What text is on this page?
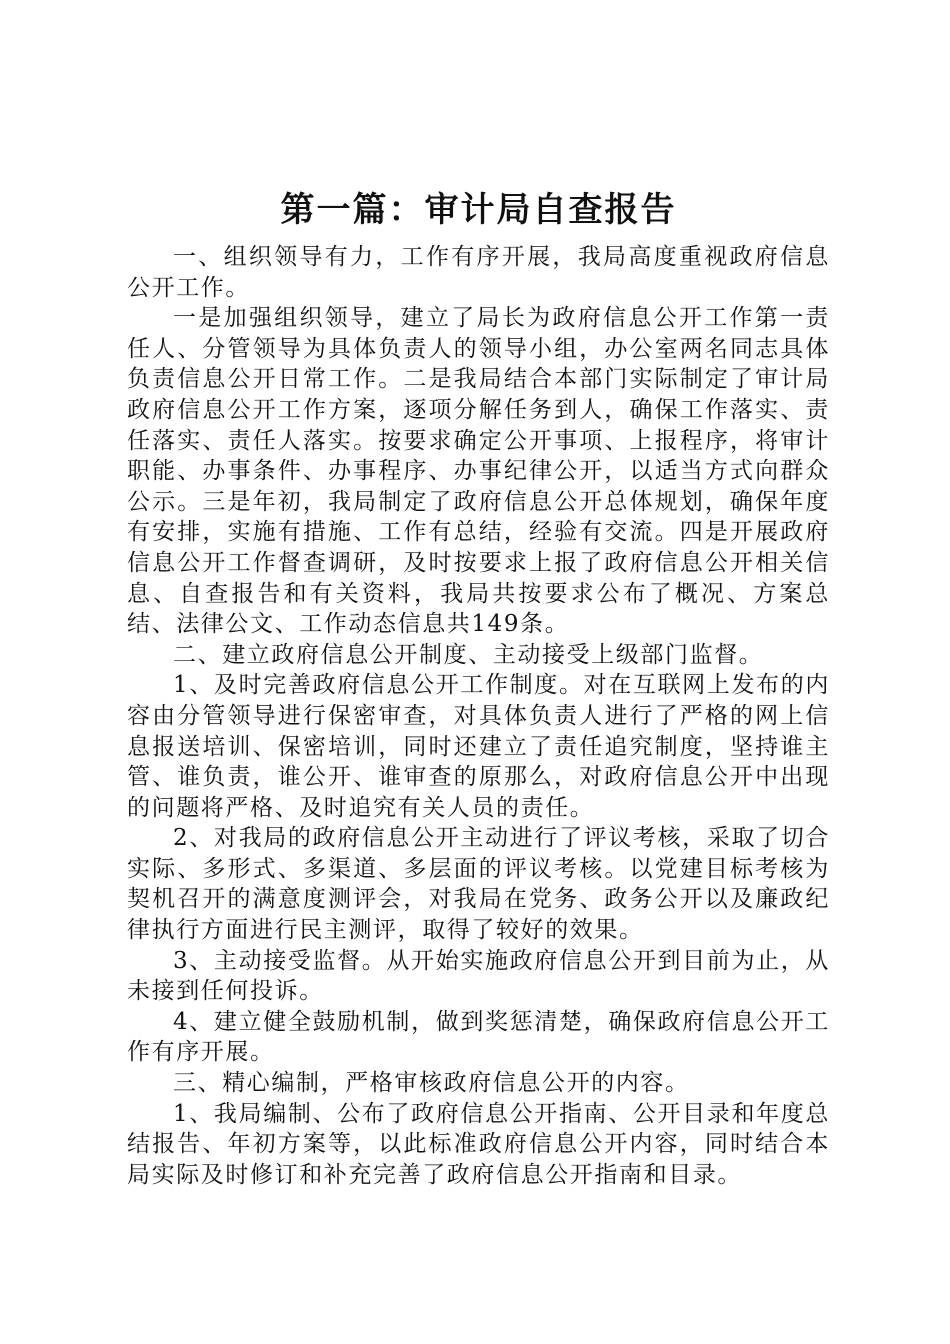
第一篇：审计局自查报告

一、组织领导有力，工作有序开展，我局高度重视政府信息公开工作。

一是加强组织领导，建立了局长为政府信息公开工作第一责任人、分管领导为具体负责人的领导小组，办公室两名同志具体负责信息公开日常工作。二是我局结合本部门实际制定了审计局政府信息公开工作方案，逐项分解任务到人，确保工作落实、责任落实、责任人落实。按要求确定公开事项、上报程序，将审计职能、办事条件、办事程序、办事纪律公开，以适当方式向群众公示。三是年初，我局制定了政府信息公开总体规划，确保年度有安排，实施有措施、工作有总结，经验有交流。四是开展政府信息公开工作督查调研，及时按要求上报了政府信息公开相关信息、自查报告和有关资料，我局共按要求公布了概况、方案总结、法律公文、工作动态信息共149条。

二、建立政府信息公开制度、主动接受上级部门监督。

1、及时完善政府信息公开工作制度。对在互联网上发布的内容由分管领导进行保密审查，对具体负责人进行了严格的网上信息报送培训、保密培训，同时还建立了责任追究制度，坚持谁主管、谁负责，谁公开、谁审查的原那么，对政府信息公开中出现的问题将严格、及时追究有关人员的责任。

2、对我局的政府信息公开主动进行了评议考核，采取了切合实际、多形式、多渠道、多层面的评议考核。以党建目标考核为契机召开的满意度测评会，对我局在党务、政务公开以及廉政纪律执行方面进行民主测评，取得了较好的效果。

3、主动接受监督。从开始实施政府信息公开到目前为止，从未接到任何投诉。

4、建立健全鼓励机制，做到奖惩清楚，确保政府信息公开工作有序开展。

三、精心编制，严格审核政府信息公开的内容。

1、我局编制、公布了政府信息公开指南、公开目录和年度总结报告、年初方案等，以此标准政府信息公开内容，同时结合本局实际及时修订和补充完善了政府信息公开指南和目录。
